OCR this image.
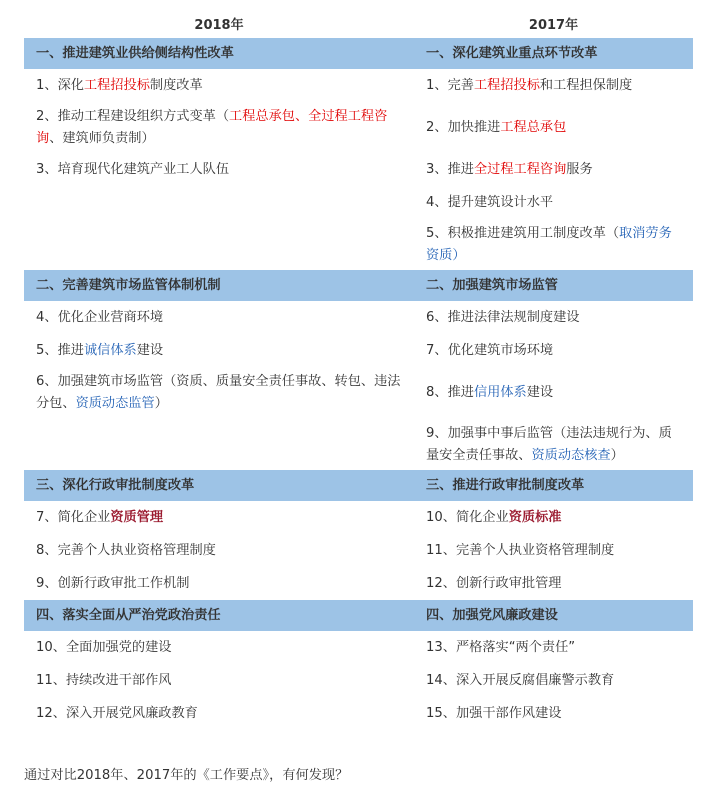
2018年	2017年
一、推进建筑业供给侧结构性改革	一、深化建筑业重点环节改革
1、深化工程招投标制度改革	1、完善工程招投标和工程担保制度
2、推动工程建设组织方式变革（工程总承包、全过程工程咨询、建筑师负责制）	2、加快推进工程总承包
3、培育现代化建筑产业工人队伍	3、推进全过程工程咨询服务
	4、提升建筑设计水平
	5、积极推进建筑用工制度改革（取消劳务资质）
二、完善建筑市场监管体制机制	二、加强建筑市场监管
4、优化企业营商环境	6、推进法律法规制度建设
5、推进诚信体系建设	7、优化建筑市场环境
6、加强建筑市场监管（资质、质量安全责任事故、转包、违法分包、资质动态监管）	8、推进信用体系建设
	9、加强事中事后监管（违法违规行为、质量安全责任事故、资质动态核查）
三、深化行政审批制度改革	三、推进行政审批制度改革
7、简化企业资质管理	10、简化企业资质标准
8、完善个人执业资格管理制度	11、完善个人执业资格管理制度
9、创新行政审批工作机制	12、创新行政审批管理
四、落实全面从严治党政治责任	四、加强党风廉政建设
10、全面加强党的建设	13、严格落实“两个责任”
11、持续改进干部作风	14、深入开展反腐倡廉警示教育
12、深入开展党风廉政教育	15、加强干部作风建设
通过对比2018年、2017年的《工作要点》，有何发现？
